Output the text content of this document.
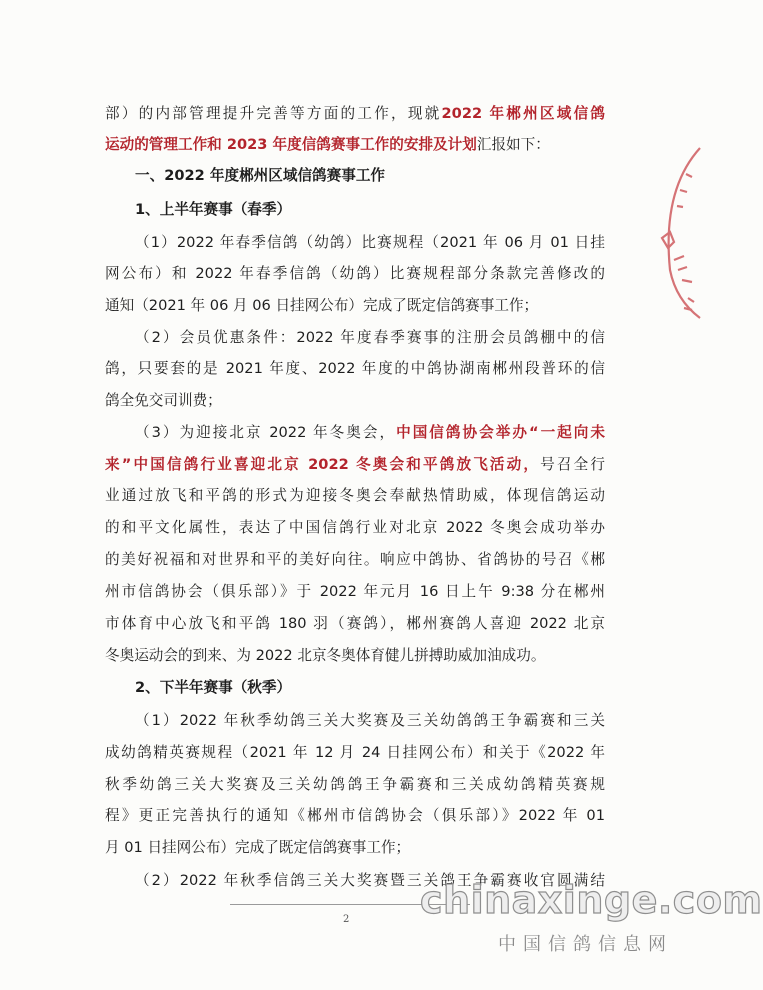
部）的内部管理提升完善等方面的工作，现就2022 年郴州区域信鸽
运动的管理工作和 2023 年度信鸽赛事工作的安排及计划汇报如下：
一、2022 年度郴州区域信鸽赛事工作
1、上半年赛事（春季）
（1）2022 年春季信鸽（幼鸽）比赛规程（2021 年 06 月 01 日挂
网公布）和 2022 年春季信鸽（幼鸽）比赛规程部分条款完善修改的
通知（2021 年 06 月 06 日挂网公布）完成了既定信鸽赛事工作；
（2）会员优惠条件：2022 年度春季赛事的注册会员鸽棚中的信
鸽，只要套的是 2021 年度、2022 年度的中鸽协湖南郴州段普环的信
鸽全免交司训费；
（3）为迎接北京 2022 年冬奥会，中国信鸽协会举办“一起向未
来”中国信鸽行业喜迎北京 2022 冬奥会和平鸽放飞活动，号召全行
业通过放飞和平鸽的形式为迎接冬奥会奉献热情助威，体现信鸽运动
的和平文化属性，表达了中国信鸽行业对北京 2022 冬奥会成功举办
的美好祝福和对世界和平的美好向往。响应中鸽协、省鸽协的号召《郴
州市信鸽协会（俱乐部）》于 2022 年元月 16 日上午 9:38 分在郴州
市体育中心放飞和平鸽 180 羽（赛鸽），郴州赛鸽人喜迎 2022 北京
冬奥运动会的到来、为 2022 北京冬奥体育健儿拼搏助威加油成功。
2、下半年赛事（秋季）
（1）2022 年秋季幼鸽三关大奖赛及三关幼鸽鸽王争霸赛和三关
成幼鸽精英赛规程（2021 年 12 月 24 日挂网公布）和关于《2022 年
秋季幼鸽三关大奖赛及三关幼鸽鸽王争霸赛和三关成幼鸽精英赛规
程》更正完善执行的通知《郴州市信鸽协会（俱乐部）》2022 年 01
月 01 日挂网公布）完成了既定信鸽赛事工作；
（2）2022 年秋季信鸽三关大奖赛暨三关鸽王争霸赛收官圆满结
2 chinaxinge.com
中国信鸽信息网
